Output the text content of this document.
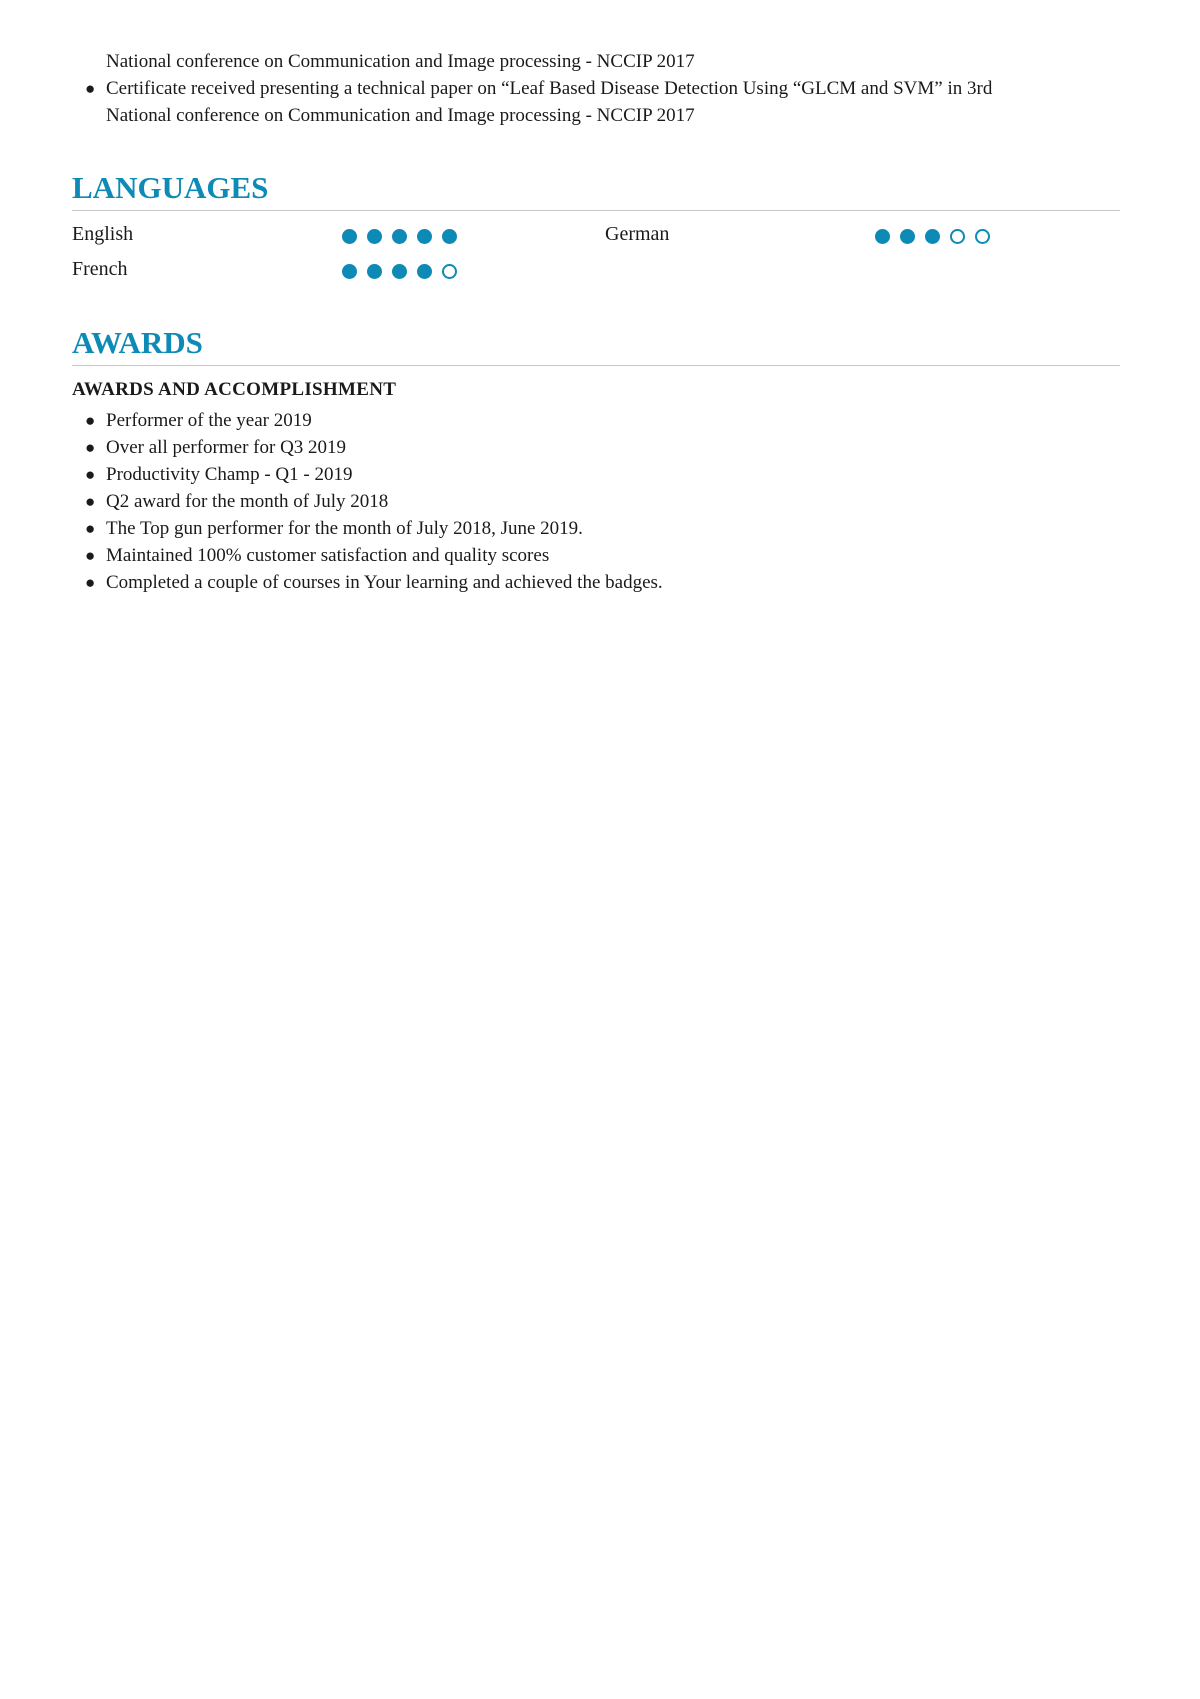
National conference on Communication and Image processing - NCCIP 2017
● Certificate received presenting a technical paper on “Leaf Based Disease Detection Using “GLCM and SVM” in 3rd
National conference on Communication and Image processing - NCCIP 2017
LANGUAGES
English	German
French
AWARDS
AWARDS AND ACCOMPLISHMENT
● Performer of the year 2019
● Over all performer for Q3 2019
● Productivity Champ - Q1 - 2019
● Q2 award for the month of July 2018
● The Top gun performer for the month of July 2018, June 2019.
● Maintained 100% customer satisfaction and quality scores
● Completed a couple of courses in Your learning and achieved the badges.
